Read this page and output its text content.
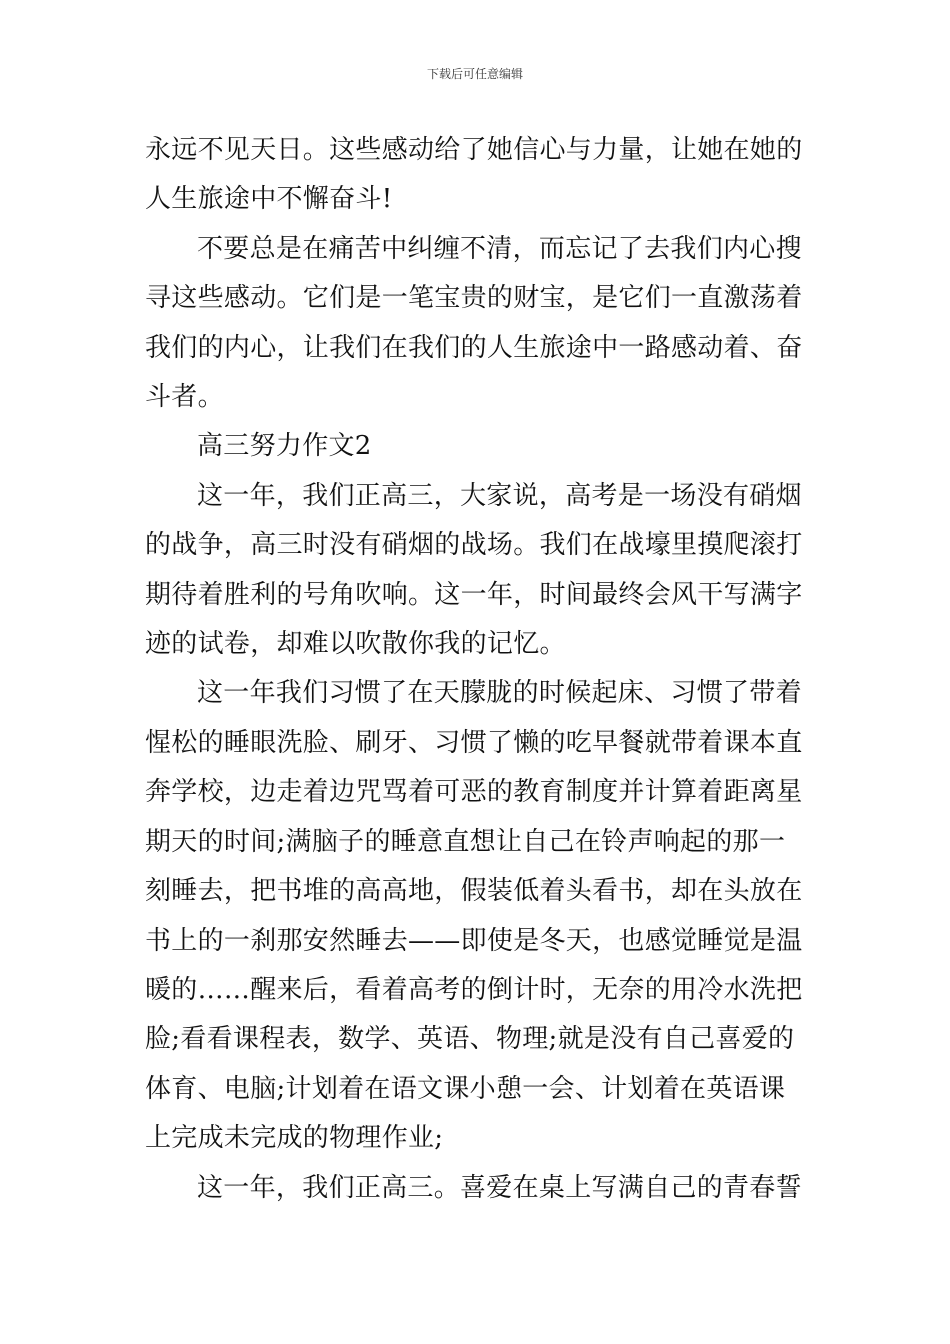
下载后可任意编辑

永远不见天日。这些感动给了她信心与力量，让她在她的人生旅途中不懈奋斗!

不要总是在痛苦中纠缠不清，而忘记了去我们内心搜寻这些感动。它们是一笔宝贵的财宝，是它们一直激荡着我们的内心，让我们在我们的人生旅途中一路感动着、奋斗者。

高三努力作文2

这一年，我们正高三，大家说，高考是一场没有硝烟的战争，高三时没有硝烟的战场。我们在战壕里摸爬滚打期待着胜利的号角吹响。这一年，时间最终会风干写满字迹的试卷，却难以吹散你我的记忆。

这一年我们习惯了在天朦胧的时候起床、习惯了带着惺松的睡眼洗脸、刷牙、习惯了懒的吃早餐就带着课本直奔学校，边走着边咒骂着可恶的教育制度并计算着距离星期天的时间;满脑子的睡意直想让自己在铃声响起的那一刻睡去，把书堆的高高地，假装低着头看书，却在头放在书上的一刹那安然睡去——即使是冬天，也感觉睡觉是温暖的……醒来后，看着高考的倒计时，无奈的用冷水洗把脸;看看课程表，数学、英语、物理;就是没有自己喜爱的体育、电脑;计划着在语文课小憩一会、计划着在英语课上完成未完成的物理作业;

这一年，我们正高三。喜爱在桌上写满自己的青春誓
